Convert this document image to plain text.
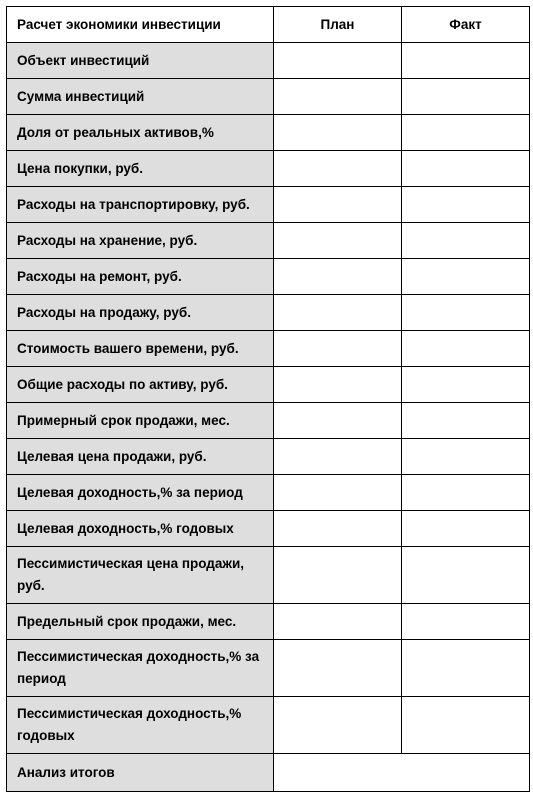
Расчет экономики инвестиции	План	Факт
Объект инвестиций		
Сумма инвестиций		
Доля от реальных активов,%		
Цена покупки, руб.		
Расходы на транспортировку, руб.		
Расходы на хранение, руб.		
Расходы на ремонт, руб.		
Расходы на продажу, руб.		
Стоимость вашего времени, руб.		
Общие расходы по активу, руб.		
Примерный срок продажи, мес.		
Целевая цена продажи, руб.		
Целевая доходность,% за период		
Целевая доходность,% годовых		
Пессимистическая цена продажи, руб.		
Предельный срок продажи, мес.		
Пессимистическая доходность,% за период		
Пессимистическая доходность,% годовых		
Анализ итогов		
